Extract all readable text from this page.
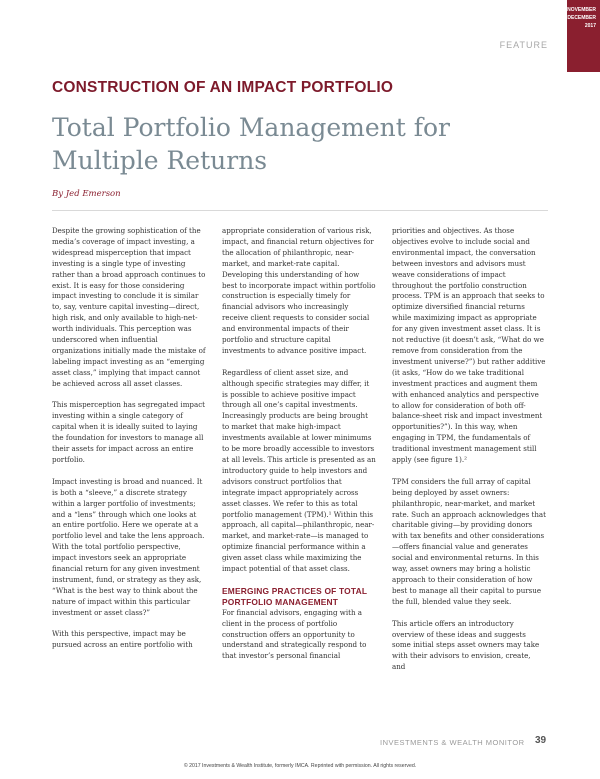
NOVEMBER
DECEMBER
2017
FEATURE
CONSTRUCTION OF AN IMPACT PORTFOLIO
Total Portfolio Management for Multiple Returns
By Jed Emerson

Despite the growing sophistication of the media’s coverage of impact investing, a widespread misperception that impact investing is a single type of investing rather than a broad approach continues to exist. It is easy for those considering impact investing to conclude it is similar to, say, venture capital investing—direct, high risk, and only available to high-net-worth individuals. This perception was underscored when influential organizations initially made the mistake of labeling impact investing as an “emerging asset class,” implying that impact cannot be achieved across all asset classes.

This misperception has segregated impact investing within a single category of capital when it is ideally suited to laying the foundation for investors to manage all their assets for impact across an entire portfolio.

Impact investing is broad and nuanced. It is both a “sleeve,” a discrete strategy within a larger portfolio of investments; and a “lens” through which one looks at an entire portfolio. Here we operate at a portfolio level and take the lens approach. With the total portfolio perspective, impact investors seek an appropriate financial return for any given investment instrument, fund, or strategy as they ask, “What is the best way to think about the nature of impact within this particular investment or asset class?”

With this perspective, impact may be pursued across an entire portfolio with

appropriate consideration of various risk, impact, and financial return objectives for the allocation of philanthropic, near-market, and market-rate capital. Developing this understanding of how best to incorporate impact within portfolio construction is especially timely for financial advisors who increasingly receive client requests to consider social and environmental impacts of their portfolio and structure capital investments to advance positive impact.

Regardless of client asset size, and although specific strategies may differ, it is possible to achieve positive impact through all one’s capital investments. Increasingly products are being brought to market that make high-impact investments available at lower minimums to be more broadly accessible to investors at all levels. This article is presented as an introductory guide to help investors and advisors construct portfolios that integrate impact appropriately across asset classes. We refer to this as total portfolio management (TPM).¹ Within this approach, all capital—philanthropic, near-market, and market-rate—is managed to optimize financial performance within a given asset class while maximizing the impact potential of that asset class.

EMERGING PRACTICES OF TOTAL PORTFOLIO MANAGEMENT

For financial advisors, engaging with a client in the process of portfolio construction offers an opportunity to understand and strategically respond to that investor’s personal financial

priorities and objectives. As those objectives evolve to include social and environmental impact, the conversation between investors and advisors must weave considerations of impact throughout the portfolio construction process. TPM is an approach that seeks to optimize diversified financial returns while maximizing impact as appropriate for any given investment asset class. It is not reductive (it doesn’t ask, “What do we remove from consideration from the investment universe?”) but rather additive (it asks, “How do we take traditional investment practices and augment them with enhanced analytics and perspective to allow for consideration of both off-balance-sheet risk and impact investment opportunities?”). In this way, when engaging in TPM, the fundamentals of traditional investment management still apply (see figure 1).²

TPM considers the full array of capital being deployed by asset owners: philanthropic, near-market, and market rate. Such an approach acknowledges that charitable giving—by providing donors with tax benefits and other considerations—offers financial value and generates social and environmental returns. In this way, asset owners may bring a holistic approach to their consideration of how best to manage all their capital to pursue the full, blended value they seek.

This article offers an introductory overview of these ideas and suggests some initial steps asset owners may take with their advisors to envision, create, and

INVESTMENTS & WEALTH MONITOR 39
© 2017 Investments & Wealth Institute, formerly IMCA. Reprinted with permission. All rights reserved.
